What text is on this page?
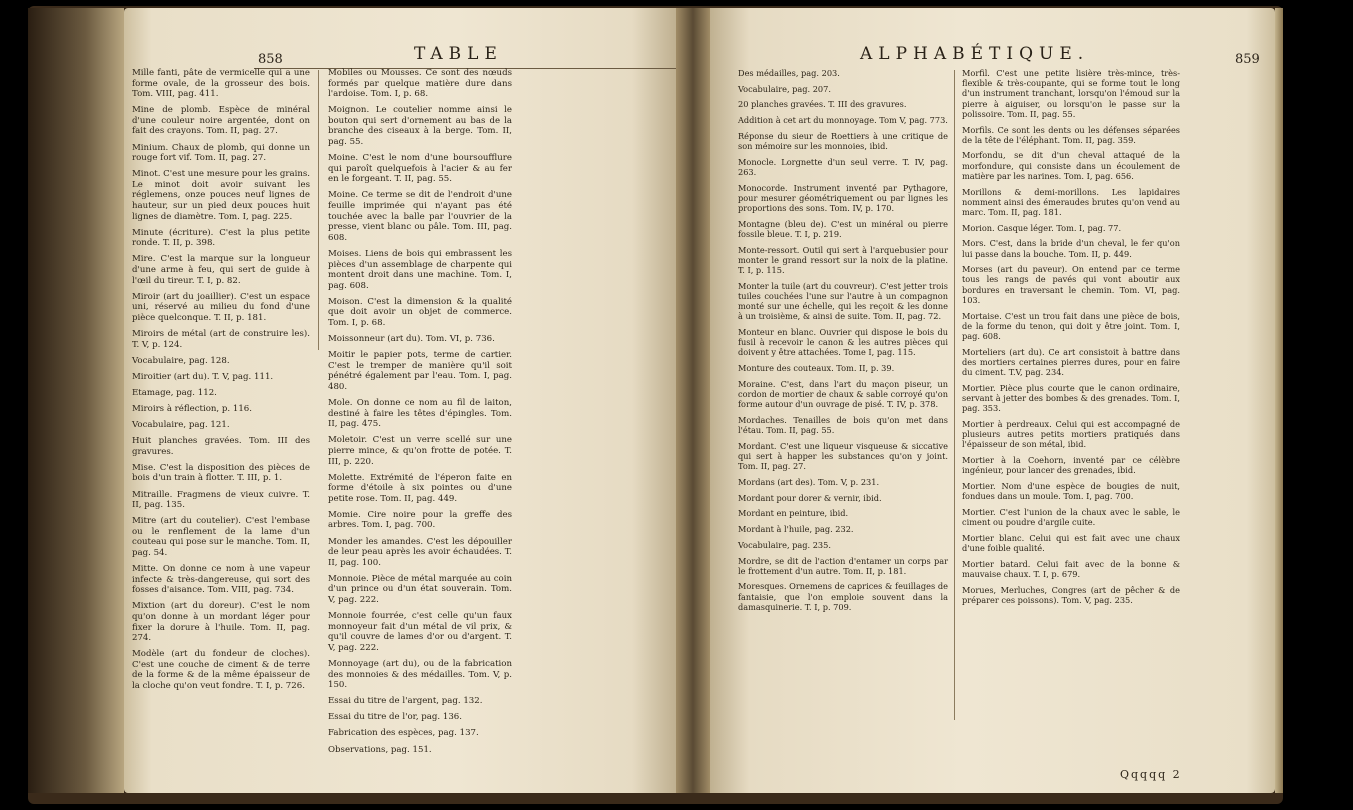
858	TABLE

Mille fanti, pâte de vermicelle qui a une forme ovale, de la grosseur des bois. Tom. VIII, pag. 411.

Mine de plomb. Espèce de minéral d'une couleur noire argentée, dont on fait des crayons. Tom. II, pag. 27.

Minium. Chaux de plomb, qui donne un rouge fort vif. Tom. II, pag. 27.

Minot. C'est une mesure pour les grains. Le minot doit avoir suivant les réglemens, onze pouces neuf lignes de hauteur, sur un pied deux pouces huit lignes de diamètre. Tom. I, pag. 225.

Minute (écriture). C'est la plus petite ronde. T. II, p. 398.

Mire. C'est la marque sur la longueur d'une arme à feu, qui sert de guide à l'œil du tireur. T. I, p. 82.

Miroir (art du joaillier). C'est un espace uni, réservé au milieu du fond d'une pièce quelconque. T. II, p. 181.

Miroirs de métal (art de construire les). T. V, p. 124.

Vocabulaire, pag. 128.

Miroitier (art du). T. V, pag. 111.

Etamage, pag. 112.

Miroirs à réflection, p. 116.

Vocabulaire, pag. 121.

Huit planches gravées. Tom. III des gravures.

Mise. C'est la disposition des pièces de bois d'un train à flotter. T. III, p. 1.

Mitraille. Fragmens de vieux cuivre. T. II, pag. 135.

Mitre (art du coutelier). C'est l'embase ou le renflement de la lame d'un couteau qui pose sur le manche. Tom. II, pag. 54.

Mitte. On donne ce nom à une vapeur infecte & très-dangereuse, qui sort des fosses d'aisance. Tom. VIII, pag. 734.

Mixtion (art du doreur). C'est le nom qu'on donne à un mordant léger pour fixer la dorure à l'huile. Tom. II, pag. 274.

Modèle (art du fondeur de cloches). C'est une couche de ciment & de terre de la forme & de la même épaisseur de la cloche qu'on veut fondre. T. I, p. 726.

Mobiles ou Mousses. Ce sont des nœuds formés par quelque matière dure dans l'ardoise. Tom. I, p. 68.

Moignon. Le coutelier nomme ainsi le bouton qui sert d'ornement au bas de la branche des ciseaux à la berge. Tom. II, pag. 55.

Moine. C'est le nom d'une boursoufflure qui paroît quelquefois à l'acier & au fer en le forgeant. T. II, pag. 55.

Moine. Ce terme se dit de l'endroit d'une feuille imprimée qui n'ayant pas été touchée avec la balle par l'ouvrier de la presse, vient blanc ou pâle. Tom. III, pag. 608.

Moises. Liens de bois qui embrassent les pièces d'un assemblage de charpente qui montent droit dans une machine. Tom. I, pag. 608.

Moison. C'est la dimension & la qualité que doit avoir un objet de commerce. Tom. I, p. 68.

Moissonneur (art du). Tom. VI, p. 736.

Moitir le papier pots, terme de cartier. C'est le tremper de manière qu'il soit pénétré également par l'eau. Tom. I, pag. 480.

Mole. On donne ce nom au fil de laiton, destiné à faire les têtes d'épingles. Tom. II, pag. 475.

Moletoir. C'est un verre scellé sur une pierre mince, & qu'on frotte de potée. T. III, p. 220.

Molette. Extrémité de l'éperon faite en forme d'étoile à six pointes ou d'une petite rose. Tom. II, pag. 449.

Momie. Cire noire pour la greffe des arbres. Tom. I, pag. 700.

Monder les amandes. C'est les dépouiller de leur peau après les avoir échaudées. T. II, pag. 100.

Monnoie. Pièce de métal marquée au coin d'un prince ou d'un état souverain. Tom. V, pag. 222.

Monnoie fourrée, c'est celle qu'un faux monnoyeur fait d'un métal de vil prix, & qu'il couvre de lames d'or ou d'argent. T. V, pag. 222.

Monnoyage (art du), ou de la fabrication des monnoies & des médailles. Tom. V, p. 150.

Essai du titre de l'argent, pag. 132.

Essai du titre de l'or, pag. 136.

Fabrication des espèces, pag. 137.

Observations, pag. 151.

ALPHABÉTIQUE.	859

Des médailles, pag. 203.

Vocabulaire, pag. 207.

20 planches gravées. T. III des gravures.

Addition à cet art du monnoyage. Tom V, pag. 773.

Réponse du sieur de Roettiers à une critique de son mémoire sur les monnoies, ibid.

Monocle. Lorgnette d'un seul verre. T. IV, pag. 263.

Monocorde. Instrument inventé par Pythagore, pour mesurer géométriquement ou par lignes les proportions des sons. Tom. IV, p. 170.

Montagne (bleu de). C'est un minéral ou pierre fossile bleue. T. I, p. 219.

Monte-ressort. Outil qui sert à l'arquebusier pour monter le grand ressort sur la noix de la platine. T. I, p. 115.

Monter la tuile (art du couvreur). C'est jetter trois tuiles couchées l'une sur l'autre à un compagnon monté sur une échelle, qui les reçoit & les donne à un troisième, & ainsi de suite. Tom. II, pag. 72.

Monteur en blanc. Ouvrier qui dispose le bois du fusil à recevoir le canon & les autres pièces qui doivent y être attachées. Tome I, pag. 115.

Monture des couteaux. Tom. II, p. 39.

Moraine. C'est, dans l'art du maçon piseur, un cordon de mortier de chaux & sable corroyé qu'on forme autour d'un ouvrage de pisé. T. IV, p. 378.

Mordaches. Tenailles de bois qu'on met dans l'étau. Tom. II, pag. 55.

Mordant. C'est une liqueur visqueuse & siccative qui sert à happer les substances qu'on y joint. Tom. II, pag. 27.

Mordans (art des). Tom. V, p. 231.

Mordant pour dorer & vernir, ibid.

Mordant en peinture, ibid.

Mordant à l'huile, pag. 232.

Vocabulaire, pag. 235.

Mordre, se dit de l'action d'entamer un corps par le frottement d'un autre. Tom. II, p. 181.

Moresques. Ornemens de caprices & feuillages de fantaisie, que l'on emploie souvent dans la damasquinerie. T. I, p. 709.

Morfil. C'est une petite lisière très-mince, très-flexible & très-coupante, qui se forme tout le long d'un instrument tranchant, lorsqu'on l'émoud sur la pierre à aiguiser, ou lorsqu'on le passe sur la polissoire. Tom. II, pag. 55.

Morfils. Ce sont les dents ou les défenses séparées de la tête de l'éléphant. Tom. II, pag. 359.

Morfondu, se dit d'un cheval attaqué de la morfondure, qui consiste dans un écoulement de matière par les narines. Tom. I, pag. 656.

Morillons & demi-morillons. Les lapidaires nomment ainsi des émeraudes brutes qu'on vend au marc. Tom. II, pag. 181.

Morion. Casque léger. Tom. I, pag. 77.

Mors. C'est, dans la bride d'un cheval, le fer qu'on lui passe dans la bouche. Tom. II, p. 449.

Morses (art du paveur). On entend par ce terme tous les rangs de pavés qui vont aboutir aux bordures en traversant le chemin. Tom. VI, pag. 103.

Mortaise. C'est un trou fait dans une pièce de bois, de la forme du tenon, qui doit y être joint. Tom. I, pag. 608.

Morteliers (art du). Ce art consistoit à battre dans des mortiers certaines pierres dures, pour en faire du ciment. T.V, pag. 234.

Mortier. Pièce plus courte que le canon ordinaire, servant à jetter des bombes & des grenades. Tom. I, pag. 353.

Mortier à perdreaux. Celui qui est accompagné de plusieurs autres petits mortiers pratiqués dans l'épaisseur de son métal, ibid.

Mortier à la Coehorn, inventé par ce célèbre ingénieur, pour lancer des grenades, ibid.

Mortier. Nom d'une espèce de bougies de nuit, fondues dans un moule. Tom. I, pag. 700.

Mortier. C'est l'union de la chaux avec le sable, le ciment ou poudre d'argile cuite.

Mortier blanc. Celui qui est fait avec une chaux d'une foible qualité.

Mortier batard. Celui fait avec de la bonne & mauvaise chaux. T. I, p. 679.

Morues, Merluches, Congres (art de pêcher & de préparer ces poissons). Tom. V, pag. 235.

Qqqqq 2
